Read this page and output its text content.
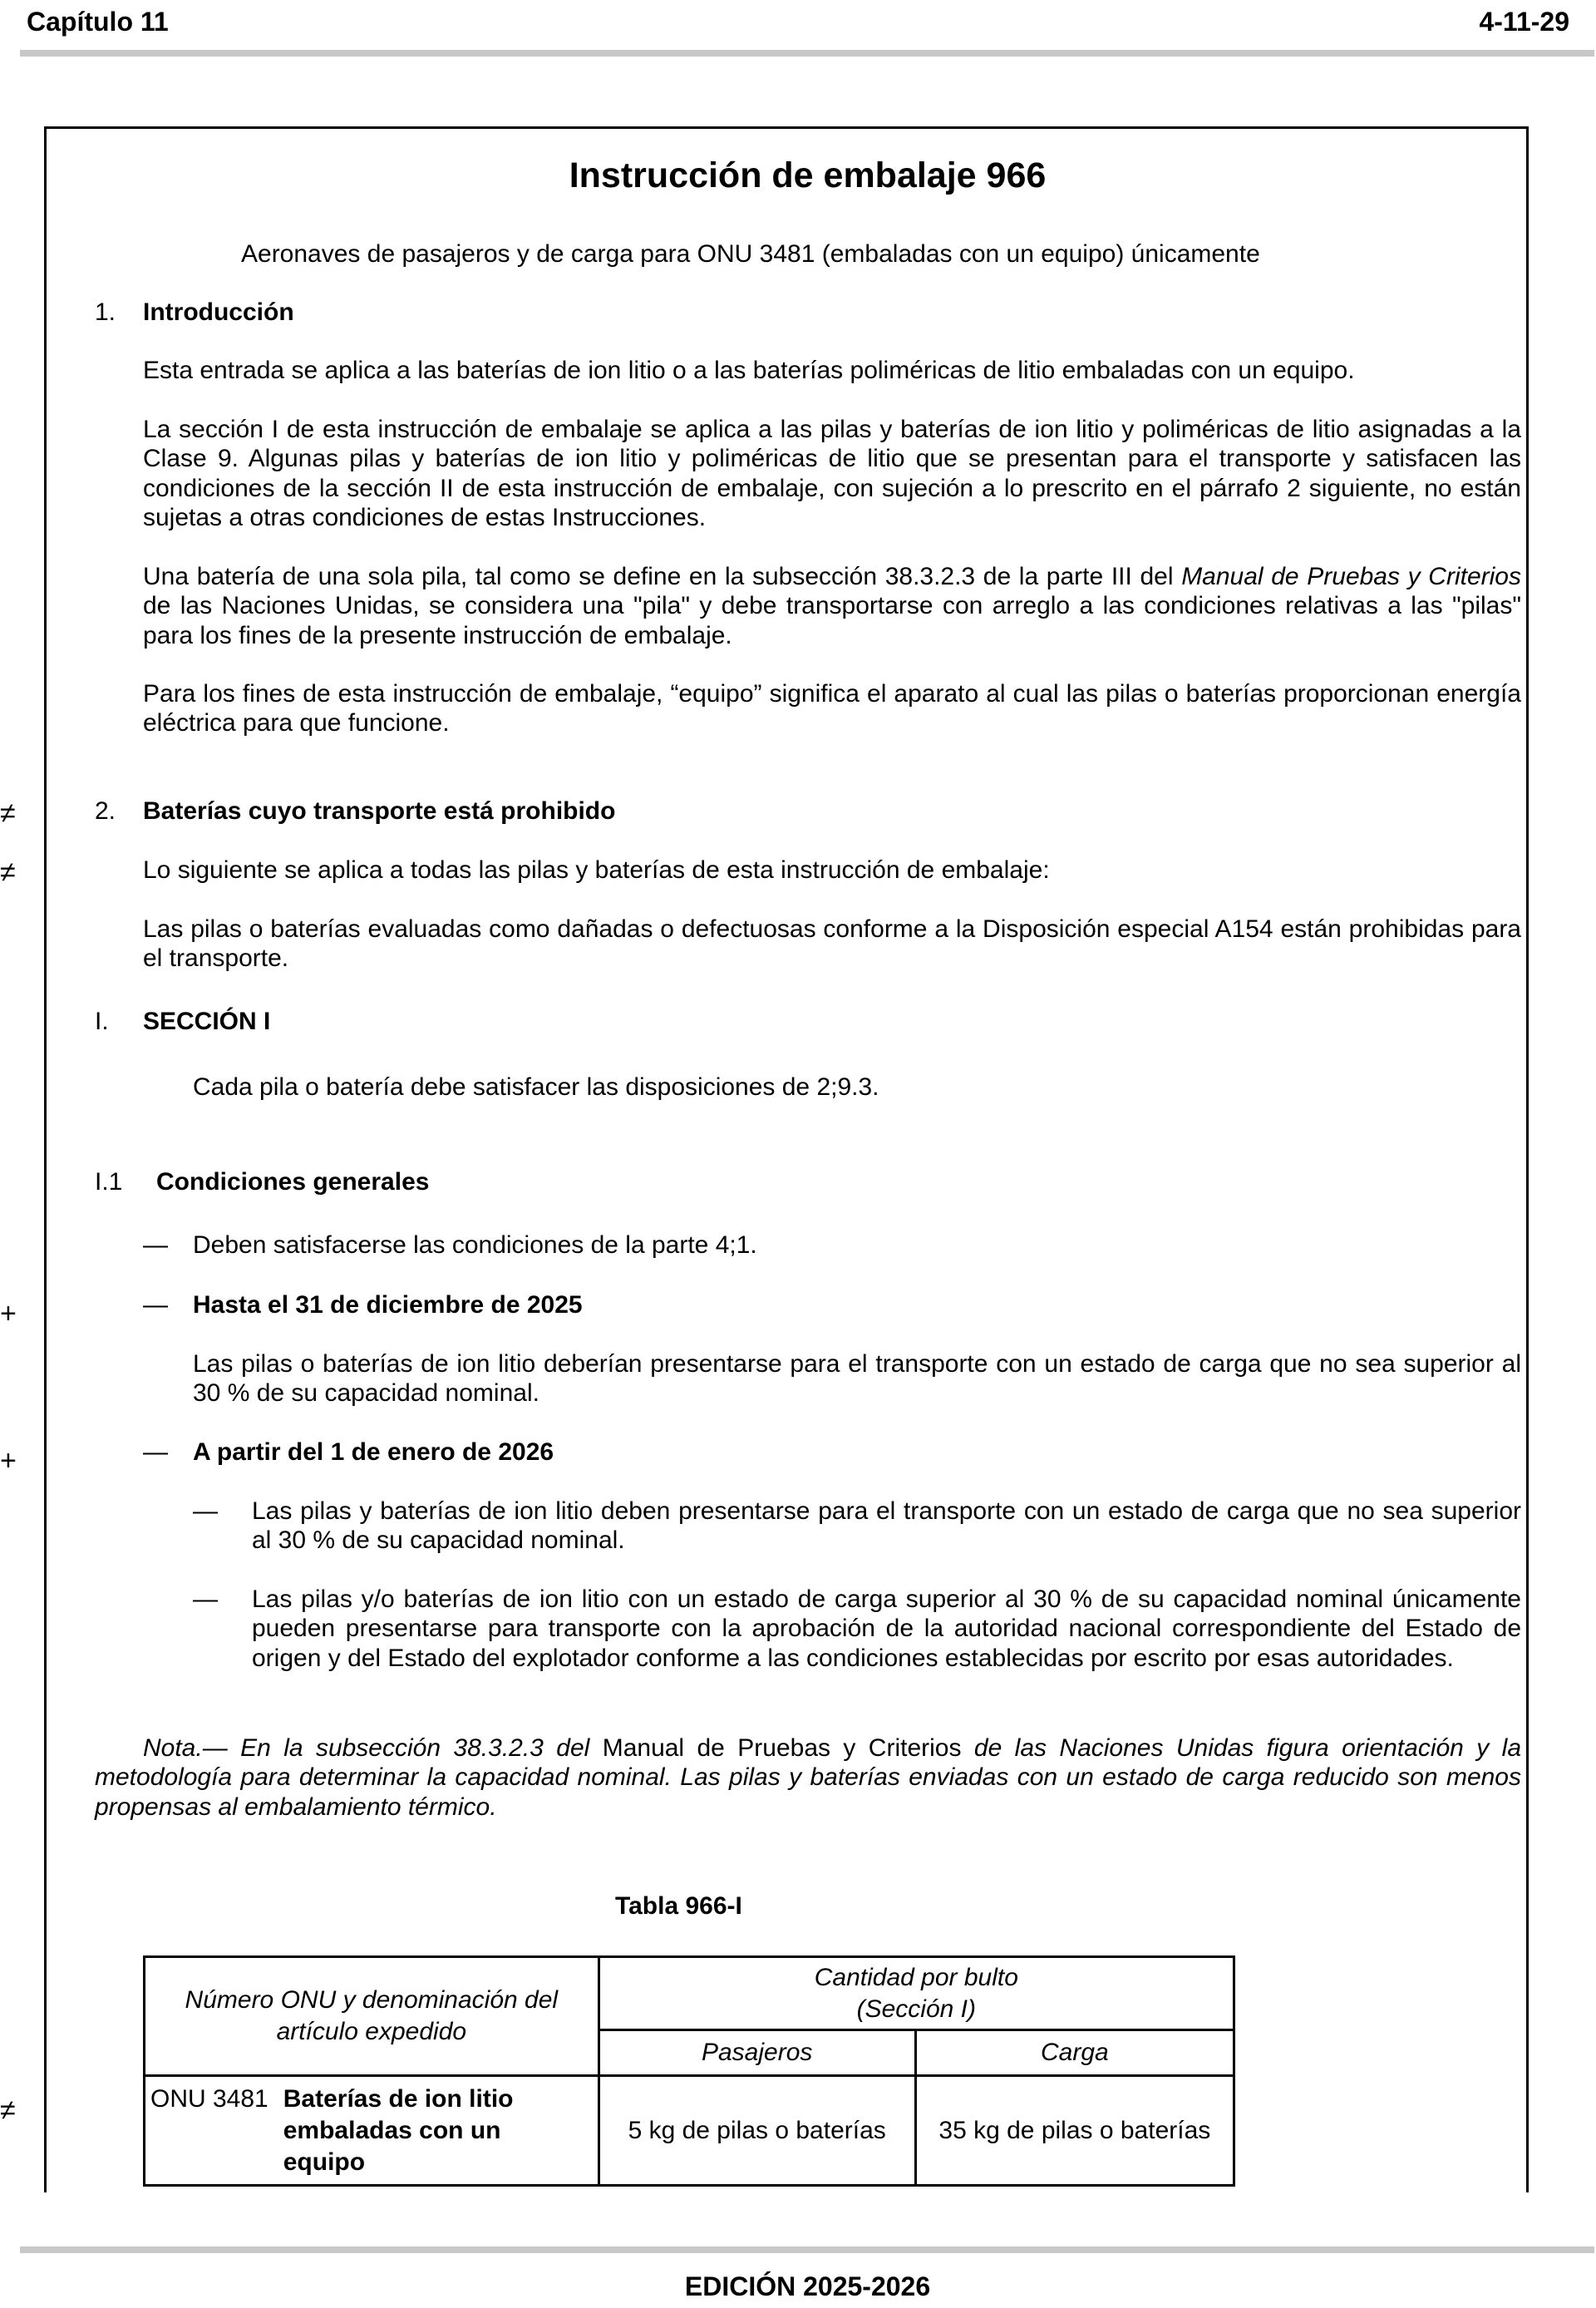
Capítulo 11	4-11-29
Instrucción de embalaje 966
Aeronaves de pasajeros y de carga para ONU 3481 (embaladas con un equipo) únicamente
1. Introducción
Esta entrada se aplica a las baterías de ion litio o a las baterías poliméricas de litio embaladas con un equipo.
La sección I de esta instrucción de embalaje se aplica a las pilas y baterías de ion litio y poliméricas de litio asignadas a la Clase 9. Algunas pilas y baterías de ion litio y poliméricas de litio que se presentan para el transporte y satisfacen las condiciones de la sección II de esta instrucción de embalaje, con sujeción a lo prescrito en el párrafo 2 siguiente, no están sujetas a otras condiciones de estas Instrucciones.
Una batería de una sola pila, tal como se define en la subsección 38.3.2.3 de la parte III del Manual de Pruebas y Criterios de las Naciones Unidas, se considera una "pila" y debe transportarse con arreglo a las condiciones relativas a las "pilas" para los fines de la presente instrucción de embalaje.
Para los fines de esta instrucción de embalaje, “equipo” significa el aparato al cual las pilas o baterías proporcionan energía eléctrica para que funcione.
≠	2. Baterías cuyo transporte está prohibido
≠	Lo siguiente se aplica a todas las pilas y baterías de esta instrucción de embalaje:
Las pilas o baterías evaluadas como dañadas o defectuosas conforme a la Disposición especial A154 están prohibidas para el transporte.
I. SECCIÓN I
Cada pila o batería debe satisfacer las disposiciones de 2;9.3.
I.1 Condiciones generales
— Deben satisfacerse las condiciones de la parte 4;1.
+	— Hasta el 31 de diciembre de 2025
Las pilas o baterías de ion litio deberían presentarse para el transporte con un estado de carga que no sea superior al 30 % de su capacidad nominal.
+	— A partir del 1 de enero de 2026
— Las pilas y baterías de ion litio deben presentarse para el transporte con un estado de carga que no sea superior al 30 % de su capacidad nominal.
— Las pilas y/o baterías de ion litio con un estado de carga superior al 30 % de su capacidad nominal únicamente pueden presentarse para transporte con la aprobación de la autoridad nacional correspondiente del Estado de origen y del Estado del explotador conforme a las condiciones establecidas por escrito por esas autoridades.
Nota.— En la subsección 38.3.2.3 del Manual de Pruebas y Criterios de las Naciones Unidas figura orientación y la metodología para determinar la capacidad nominal. Las pilas y baterías enviadas con un estado de carga reducido son menos propensas al embalamiento térmico.
Tabla 966-I
≠
Número ONU y denominación del artículo expedido	Cantidad por bulto
(Sección I)	

	Pasajeros	Carga

ONU 3481 Baterías de ion litio embaladas con un equipo	5 kg de pilas o baterías	35 kg de pilas o baterías
EDICIÓN 2025-2026
